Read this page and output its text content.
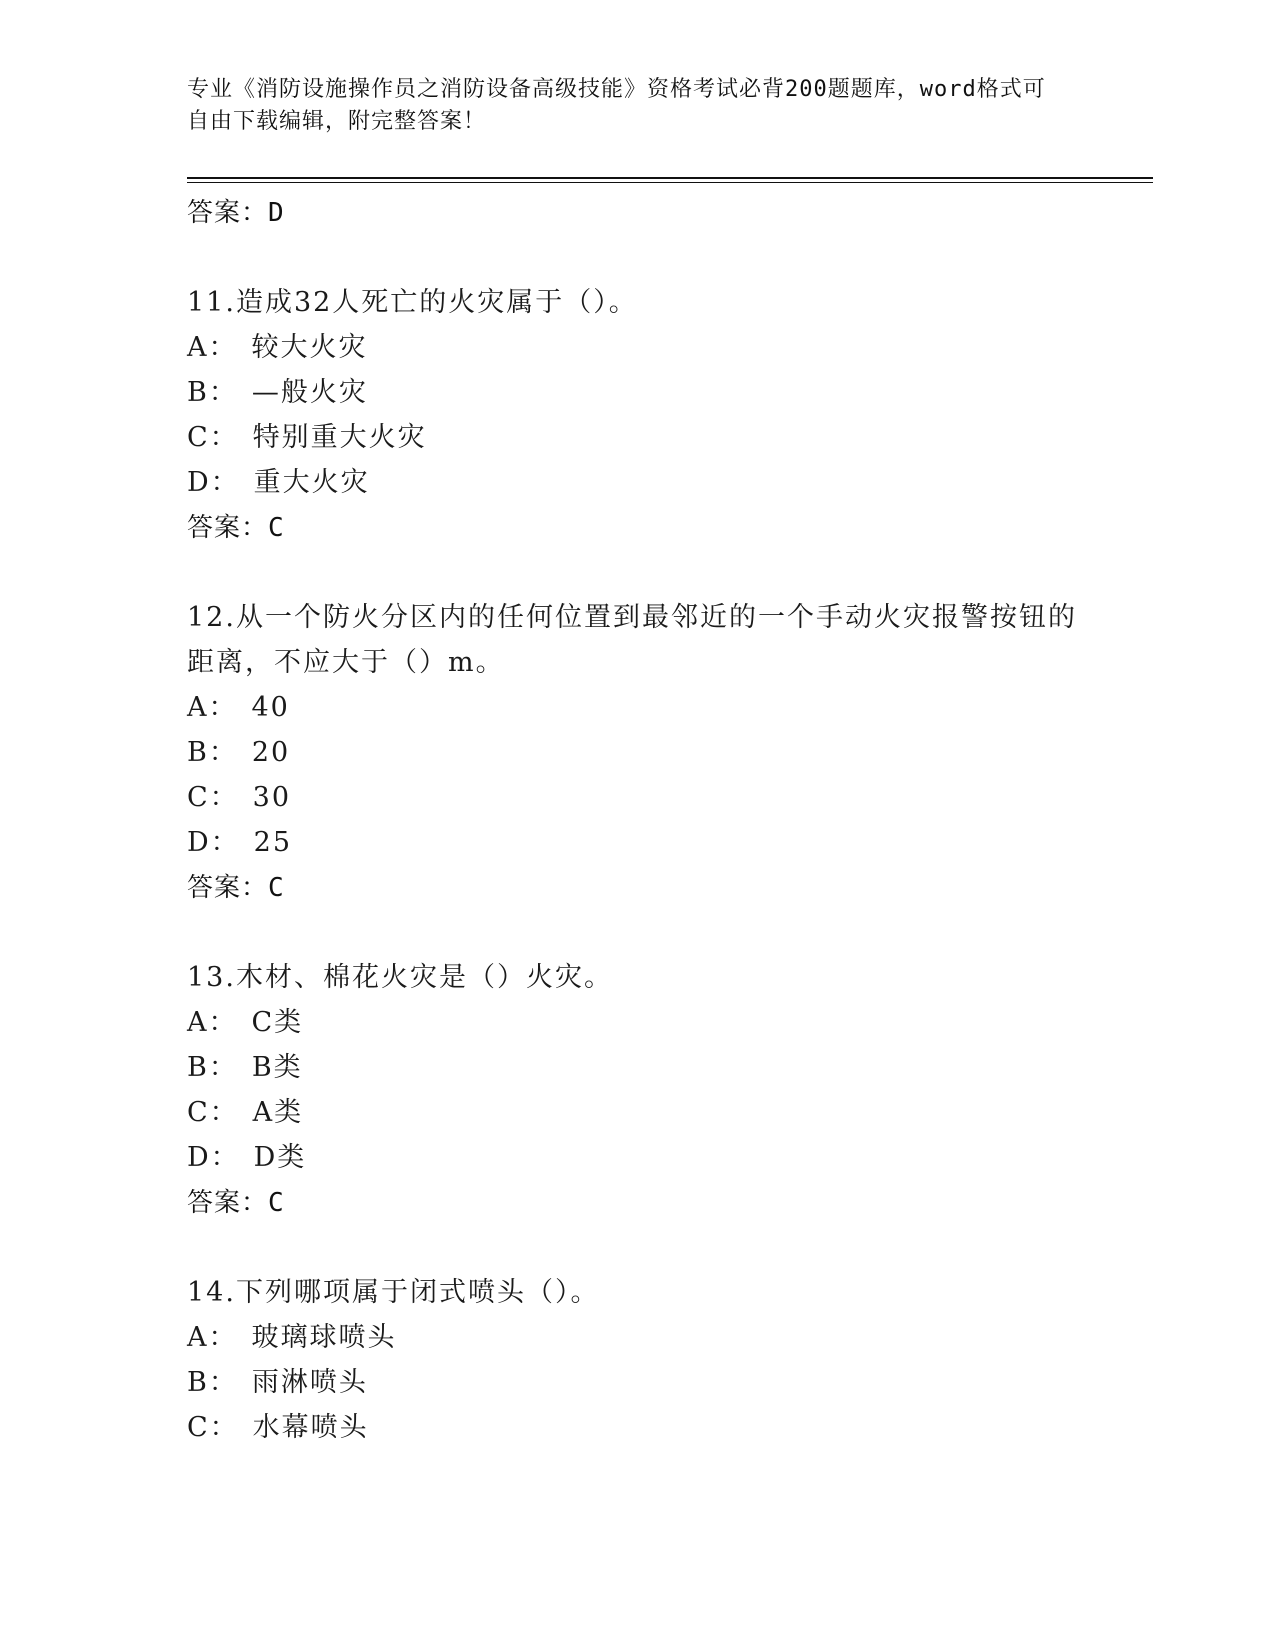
专业《消防设施操作员之消防设备高级技能》资格考试必背200题题库，word格式可自由下载编辑，附完整答案！
答案：D
11.造成32人死亡的火灾属于（）。
A： 较大火灾
B： —般火灾
C： 特别重大火灾
D： 重大火灾
答案：C
12.从一个防火分区内的任何位置到最邻近的一个手动火灾报警按钮的距离，不应大于（）m。
A： 40
B： 20
C： 30
D： 25
答案：C
13.木材、棉花火灾是（）火灾。
A： C类
B： B类
C： A类
D： D类
答案：C
14.下列哪项属于闭式喷头（）。
A： 玻璃球喷头
B： 雨淋喷头
C： 水幕喷头
